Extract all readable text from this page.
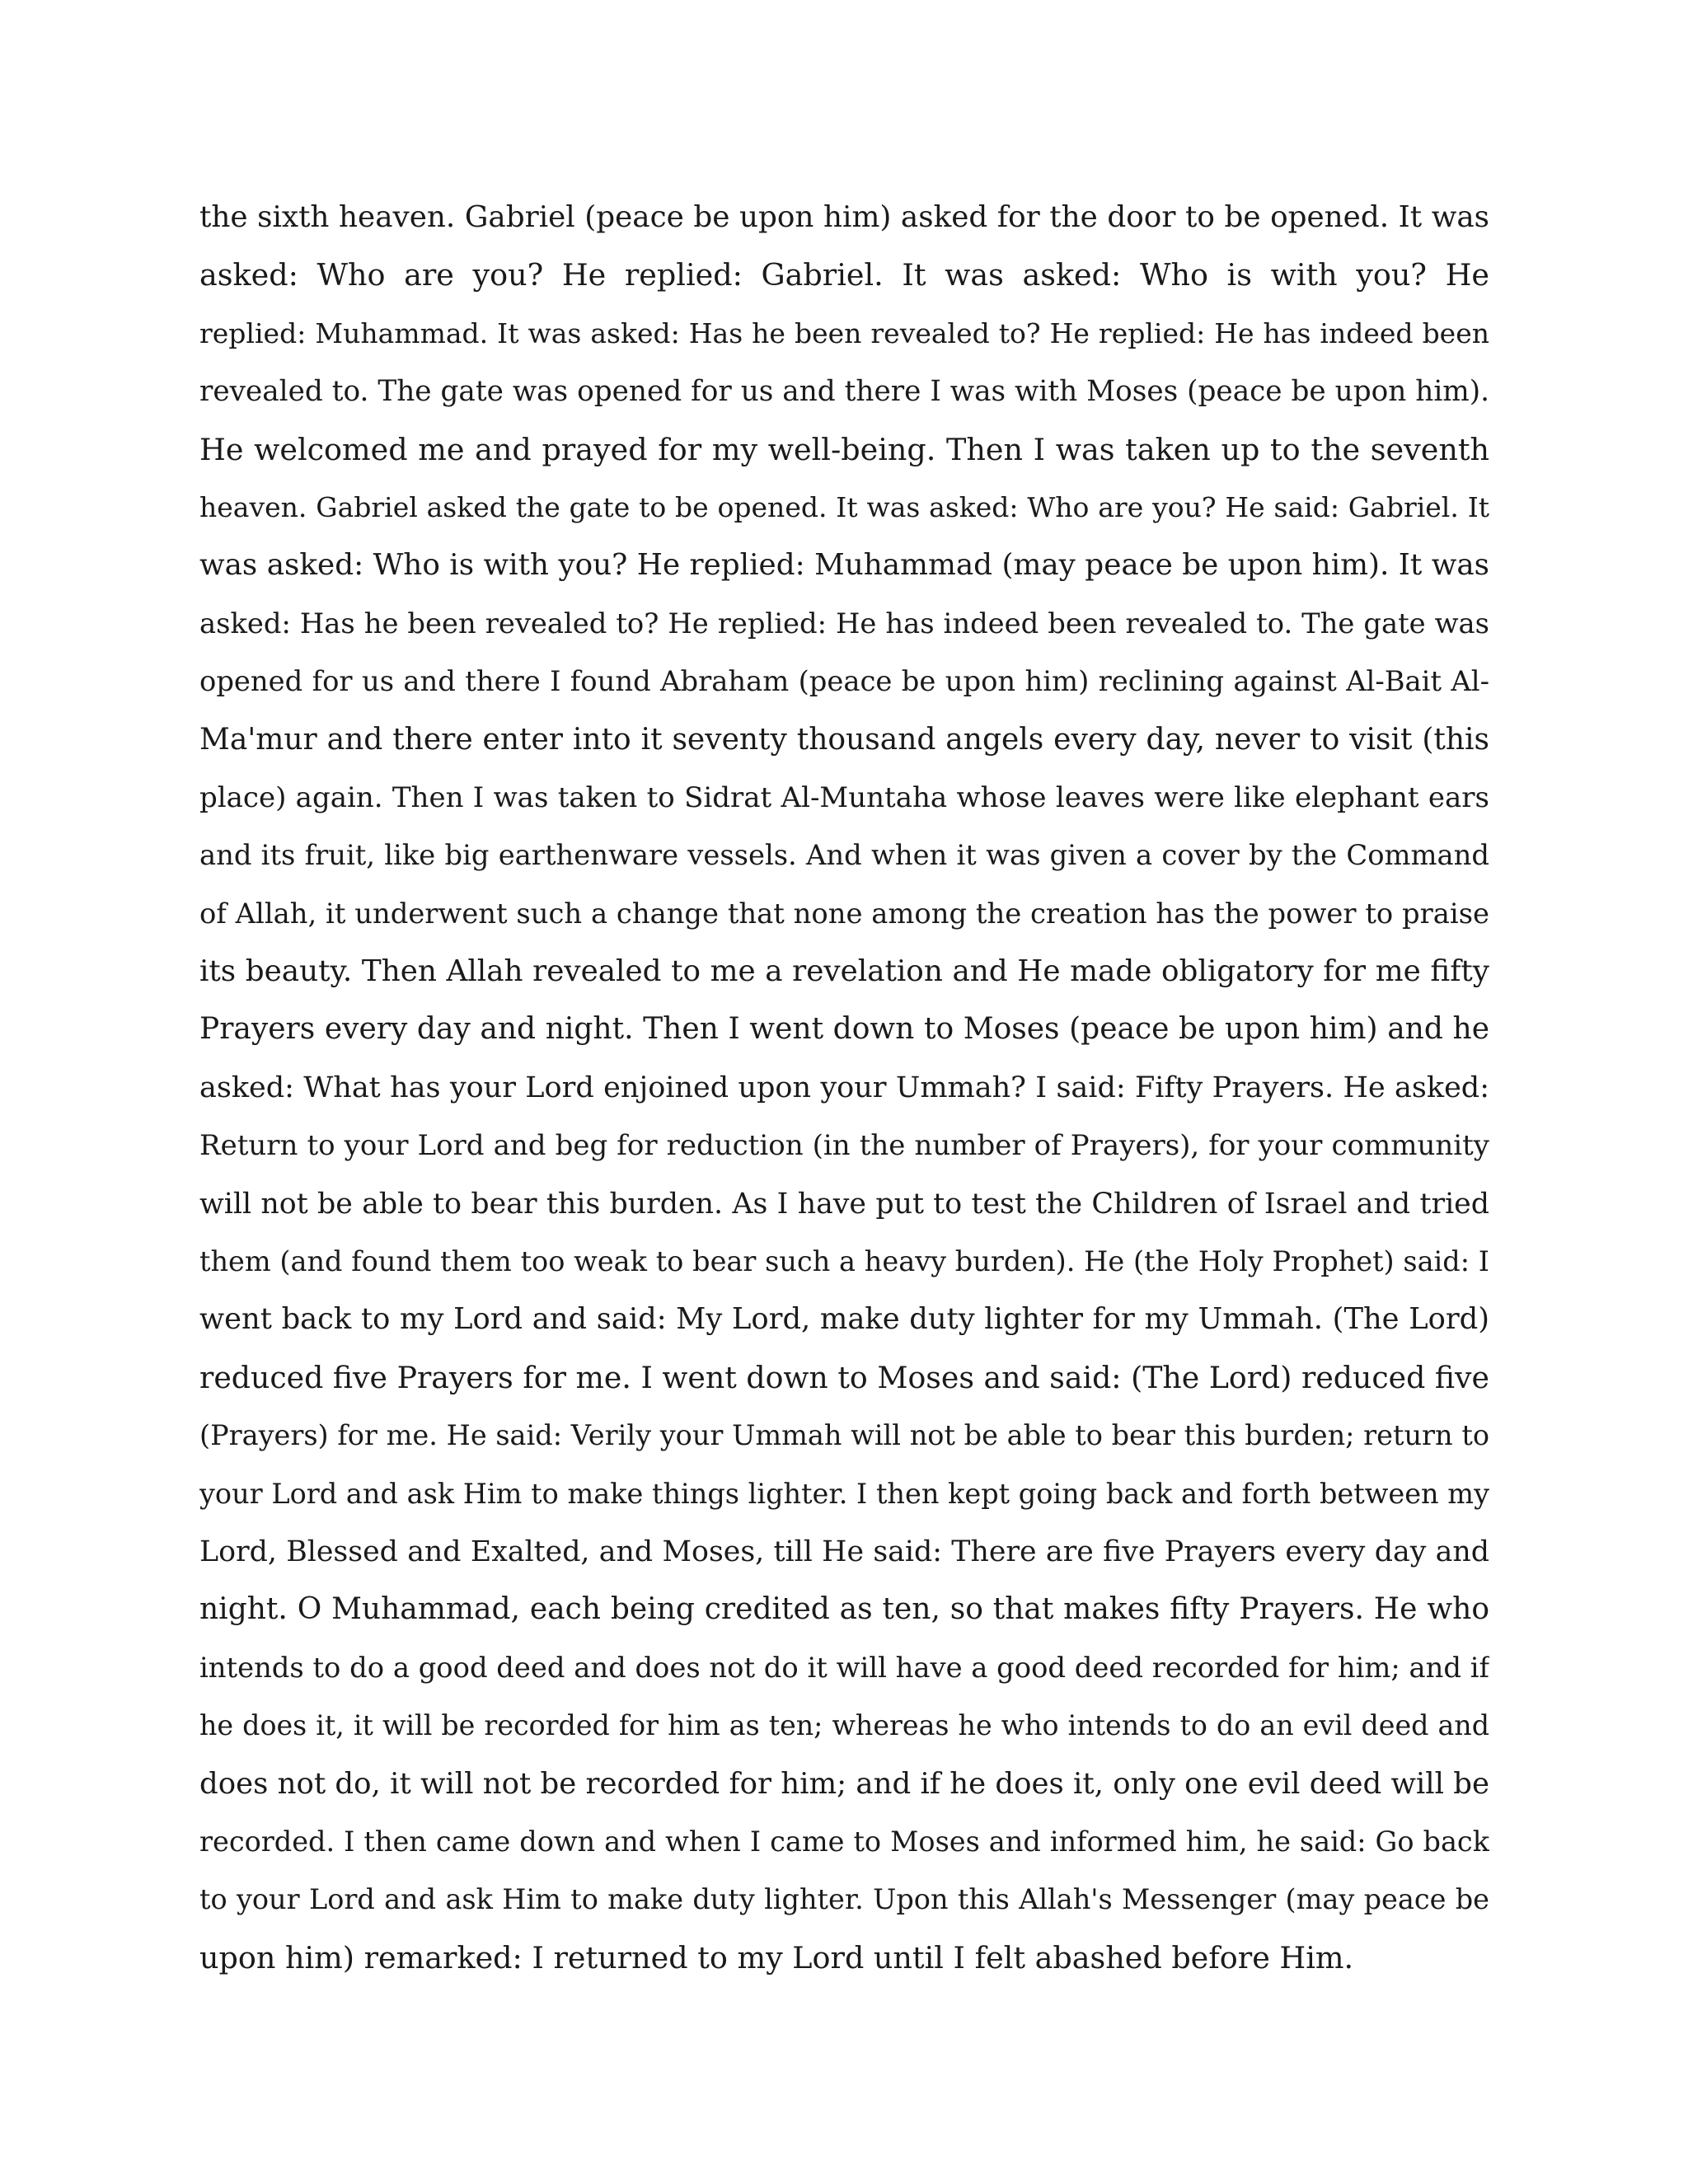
the sixth heaven. Gabriel (peace be upon him) asked for the door to be opened. It was
asked: Who are you? He replied: Gabriel. It was asked: Who is with you? He
replied: Muhammad. It was asked: Has he been revealed to? He replied: He has indeed been
revealed to. The gate was opened for us and there I was with Moses (peace be upon him).
He welcomed me and prayed for my well-being. Then I was taken up to the seventh
heaven. Gabriel asked the gate to be opened. It was asked: Who are you? He said: Gabriel. It
was asked: Who is with you? He replied: Muhammad (may peace be upon him). It was
asked: Has he been revealed to? He replied: He has indeed been revealed to. The gate was
opened for us and there I found Abraham (peace be upon him) reclining against Al-Bait Al-
Ma'mur and there enter into it seventy thousand angels every day, never to visit (this
place) again. Then I was taken to Sidrat Al-Muntaha whose leaves were like elephant ears
and its fruit, like big earthenware vessels. And when it was given a cover by the Command
of Allah, it underwent such a change that none among the creation has the power to praise
its beauty. Then Allah revealed to me a revelation and He made obligatory for me fifty
Prayers every day and night. Then I went down to Moses (peace be upon him) and he
asked: What has your Lord enjoined upon your Ummah? I said: Fifty Prayers. He asked:
Return to your Lord and beg for reduction (in the number of Prayers), for your community
will not be able to bear this burden. As I have put to test the Children of Israel and tried
them (and found them too weak to bear such a heavy burden). He (the Holy Prophet) said: I
went back to my Lord and said: My Lord, make duty lighter for my Ummah. (The Lord)
reduced five Prayers for me. I went down to Moses and said: (The Lord) reduced five
(Prayers) for me. He said: Verily your Ummah will not be able to bear this burden; return to
your Lord and ask Him to make things lighter. I then kept going back and forth between my
Lord, Blessed and Exalted, and Moses, till He said: There are five Prayers every day and
night. O Muhammad, each being credited as ten, so that makes fifty Prayers. He who
intends to do a good deed and does not do it will have a good deed recorded for him; and if
he does it, it will be recorded for him as ten; whereas he who intends to do an evil deed and
does not do, it will not be recorded for him; and if he does it, only one evil deed will be
recorded. I then came down and when I came to Moses and informed him, he said: Go back
to your Lord and ask Him to make duty lighter. Upon this Allah's Messenger (may peace be
upon him) remarked: I returned to my Lord until I felt abashed before Him.
